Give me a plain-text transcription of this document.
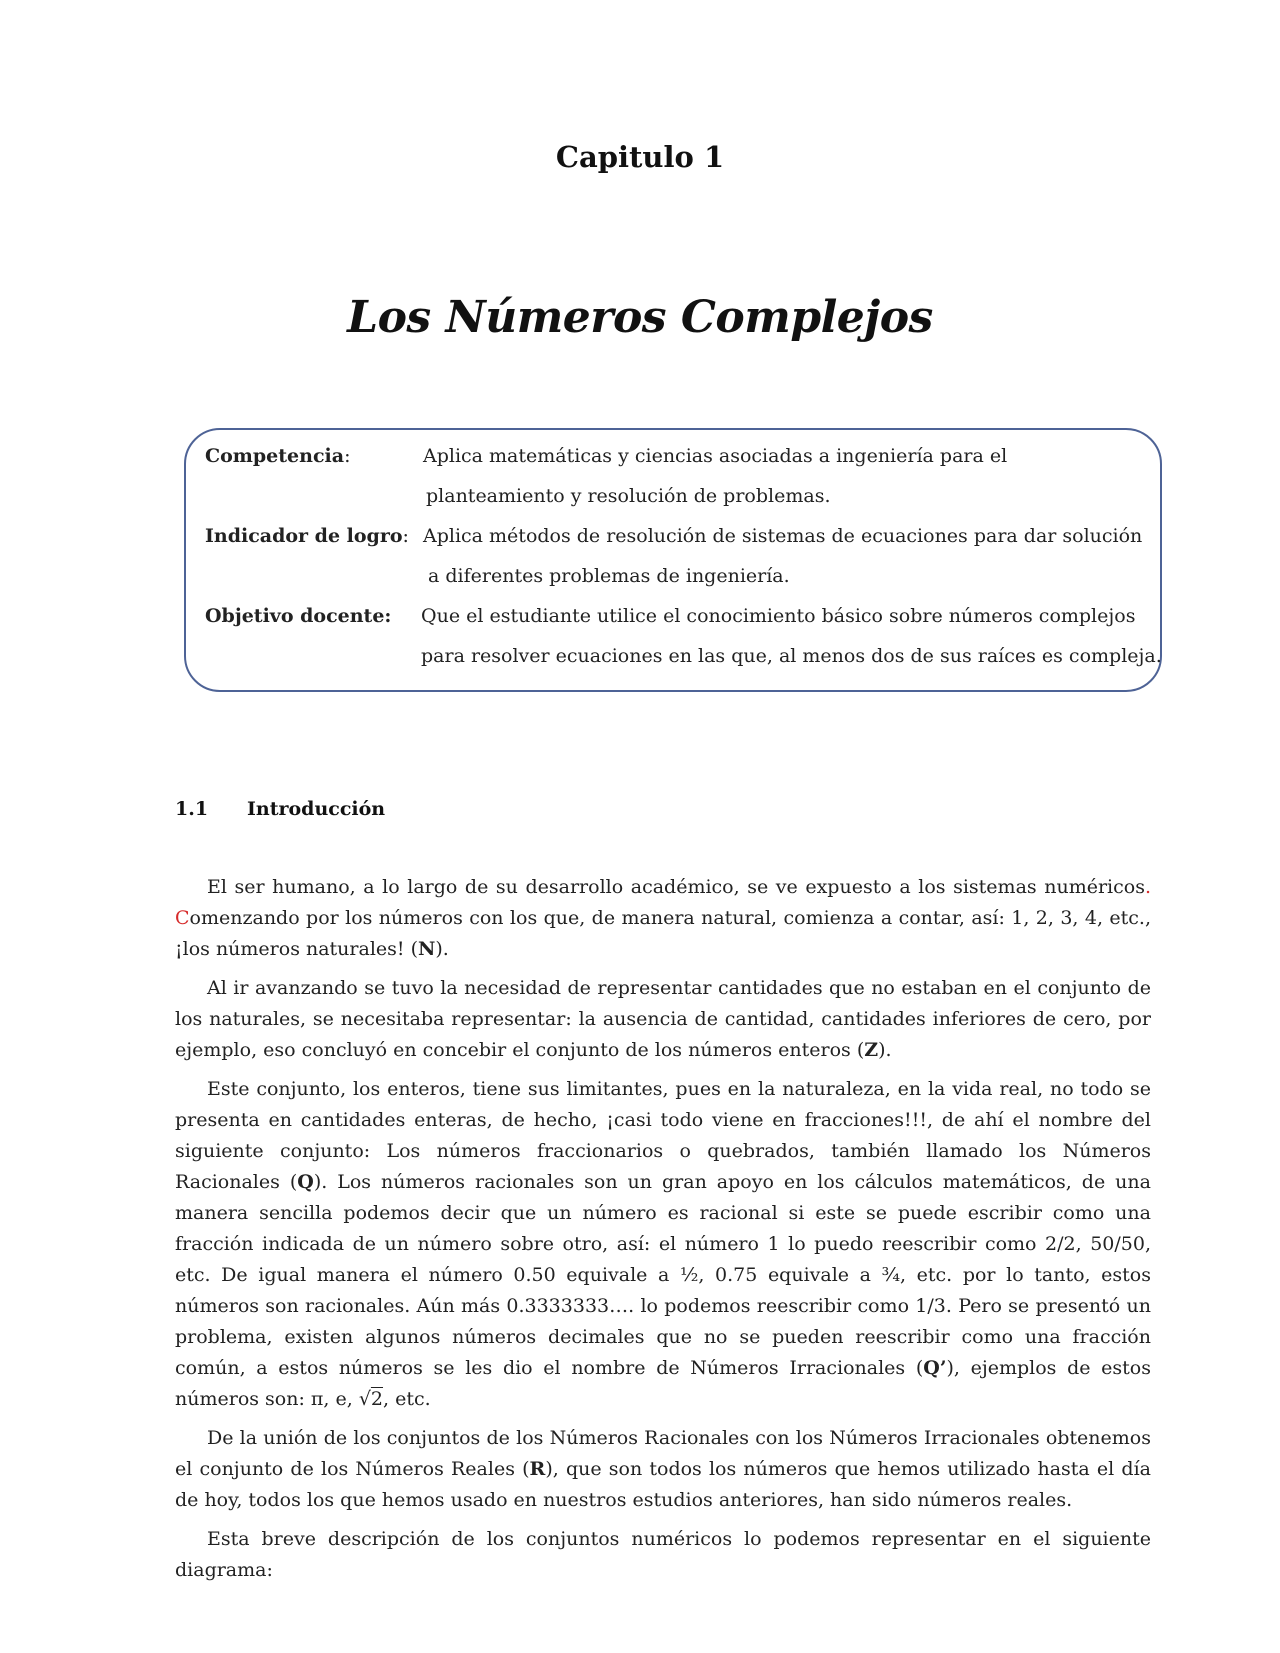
Capitulo 1
Los Números Complejos
Competencia:	Aplica matemáticas y ciencias asociadas a ingeniería para el
planteamiento y resolución de problemas.
Indicador de logro: Aplica métodos de resolución de sistemas de ecuaciones para dar solución
a diferentes problemas de ingeniería.
Objetivo docente: Que el estudiante utilice el conocimiento básico sobre números complejos
para resolver ecuaciones en las que, al menos dos de sus raíces es compleja.
1.1 Introducción

El ser humano, a lo largo de su desarrollo académico, se ve expuesto a los sistemas numéricos. Comenzando por los números con los que, de manera natural, comienza a contar, así: 1, 2, 3, 4, etc., ¡los números naturales! (N).

Al ir avanzando se tuvo la necesidad de representar cantidades que no estaban en el conjunto de los naturales, se necesitaba representar: la ausencia de cantidad, cantidades inferiores de cero, por ejemplo, eso concluyó en concebir el conjunto de los números enteros (Z).

Este conjunto, los enteros, tiene sus limitantes, pues en la naturaleza, en la vida real, no todo se presenta en cantidades enteras, de hecho, ¡casi todo viene en fracciones!!!, de ahí el nombre del siguiente conjunto: Los números fraccionarios o quebrados, también llamado los Números Racionales (Q). Los números racionales son un gran apoyo en los cálculos matemáticos, de una manera sencilla podemos decir que un número es racional si este se puede escribir como una fracción indicada de un número sobre otro, así: el número 1 lo puedo reescribir como 2/2, 50/50, etc. De igual manera el número 0.50 equivale a ½, 0.75 equivale a ¾, etc. por lo tanto, estos números son racionales. Aún más 0.3333333…. lo podemos reescribir como 1/3. Pero se presentó un problema, existen algunos números decimales que no se pueden reescribir como una fracción común, a estos números se les dio el nombre de Números Irracionales (Q’), ejemplos de estos números son: π, e, √2, etc.

De la unión de los conjuntos de los Números Racionales con los Números Irracionales obtenemos el conjunto de los Números Reales (R), que son todos los números que hemos utilizado hasta el día de hoy, todos los que hemos usado en nuestros estudios anteriores, han sido números reales.

Esta breve descripción de los conjuntos numéricos lo podemos representar en el siguiente diagrama:
